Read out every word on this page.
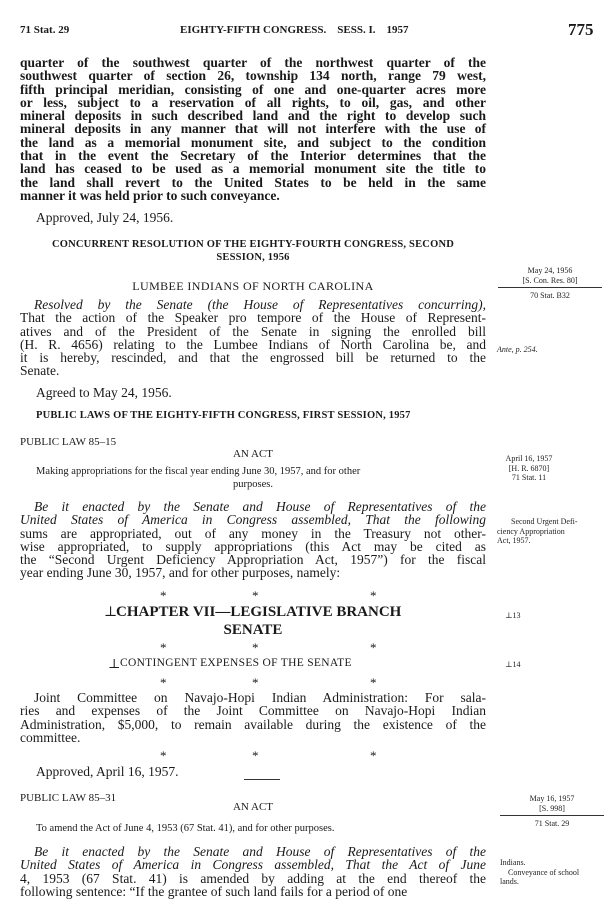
71 Stat. 29	EIGHTY-FIFTH CONGRESS.    SESS. I.    1957	775
quarter of the southwest quarter of the northwest quarter of the
southwest quarter of section 26, township 134 north, range 79 west,
fifth principal meridian, consisting of one and one-quarter acres more
or less, subject to a reservation of all rights, to oil, gas, and other
mineral deposits in such described land and the right to develop such
mineral deposits in any manner that will not interfere with the use of
the land as a memorial monument site, and subject to the condition
that in the event the Secretary of the Interior determines that the
land has ceased to be used as a memorial monument site the title to
the land shall revert to the United States to be held in the same
manner it was held prior to such conveyance.
Approved, July 24, 1956.
CONCURRENT RESOLUTION OF THE EIGHTY-FOURTH CONGRESS, SECOND
SESSION, 1956
LUMBEE INDIANS OF NORTH CAROLINA
Resolved by the Senate (the House of Representatives concurring),
That the action of the Speaker pro tempore of the House of Represent-
atives and of the President of the Senate in signing the enrolled bill
(H. R. 4656) relating to the Lumbee Indians of North Carolina be, and
it is hereby, rescinded, and that the engrossed bill be returned to the
Senate.
Agreed to May 24, 1956.
PUBLIC LAWS OF THE EIGHTY-FIFTH CONGRESS, FIRST SESSION, 1957
PUBLIC LAW 85–15
AN ACT
Making appropriations for the fiscal year ending June 30, 1957, and for other
purposes.
Be it enacted by the Senate and House of Representatives of the
United States of America in Congress assembled, That the following
sums are appropriated, out of any money in the Treasury not other-
wise appropriated, to supply appropriations (this Act may be cited as
the “Second Urgent Deficiency Appropriation Act, 1957”) for the fiscal
year ending June 30, 1957, and for other purposes, namely:
*	*	*
⊥
CHAPTER VII—LEGISLATIVE BRANCH
SENATE
*	*	*
⊥ CONTINGENT EXPENSES OF THE SENATE
*	*	*
Joint Committee on Navajo-Hopi Indian Administration: For sala-
ries and expenses of the Joint Committee on Navajo-Hopi Indian
Administration, $5,000, to remain available during the existence of the
committee.
*	*	*
Approved, April 16, 1957.
PUBLIC LAW 85–31
AN ACT
To amend the Act of June 4, 1953 (67 Stat. 41), and for other purposes.
Be it enacted by the Senate and House of Representatives of the
United States of America in Congress assembled, That the Act of June
4, 1953 (67 Stat. 41) is amended by adding at the end thereof the
following sentence: “If the grantee of such land fails for a period of one
May 24, 1956
[S. Con. Res. 80]
70 Stat. B32
Ante, p. 254.
April 16, 1957
[H. R. 6870]
71 Stat. 11
Second Urgent Defi-
ciency Appropriation
Act, 1957.
⊥13
⊥14
May 16, 1957
[S. 998]
71 Stat. 29
Indians.
Conveyance of school
lands.
